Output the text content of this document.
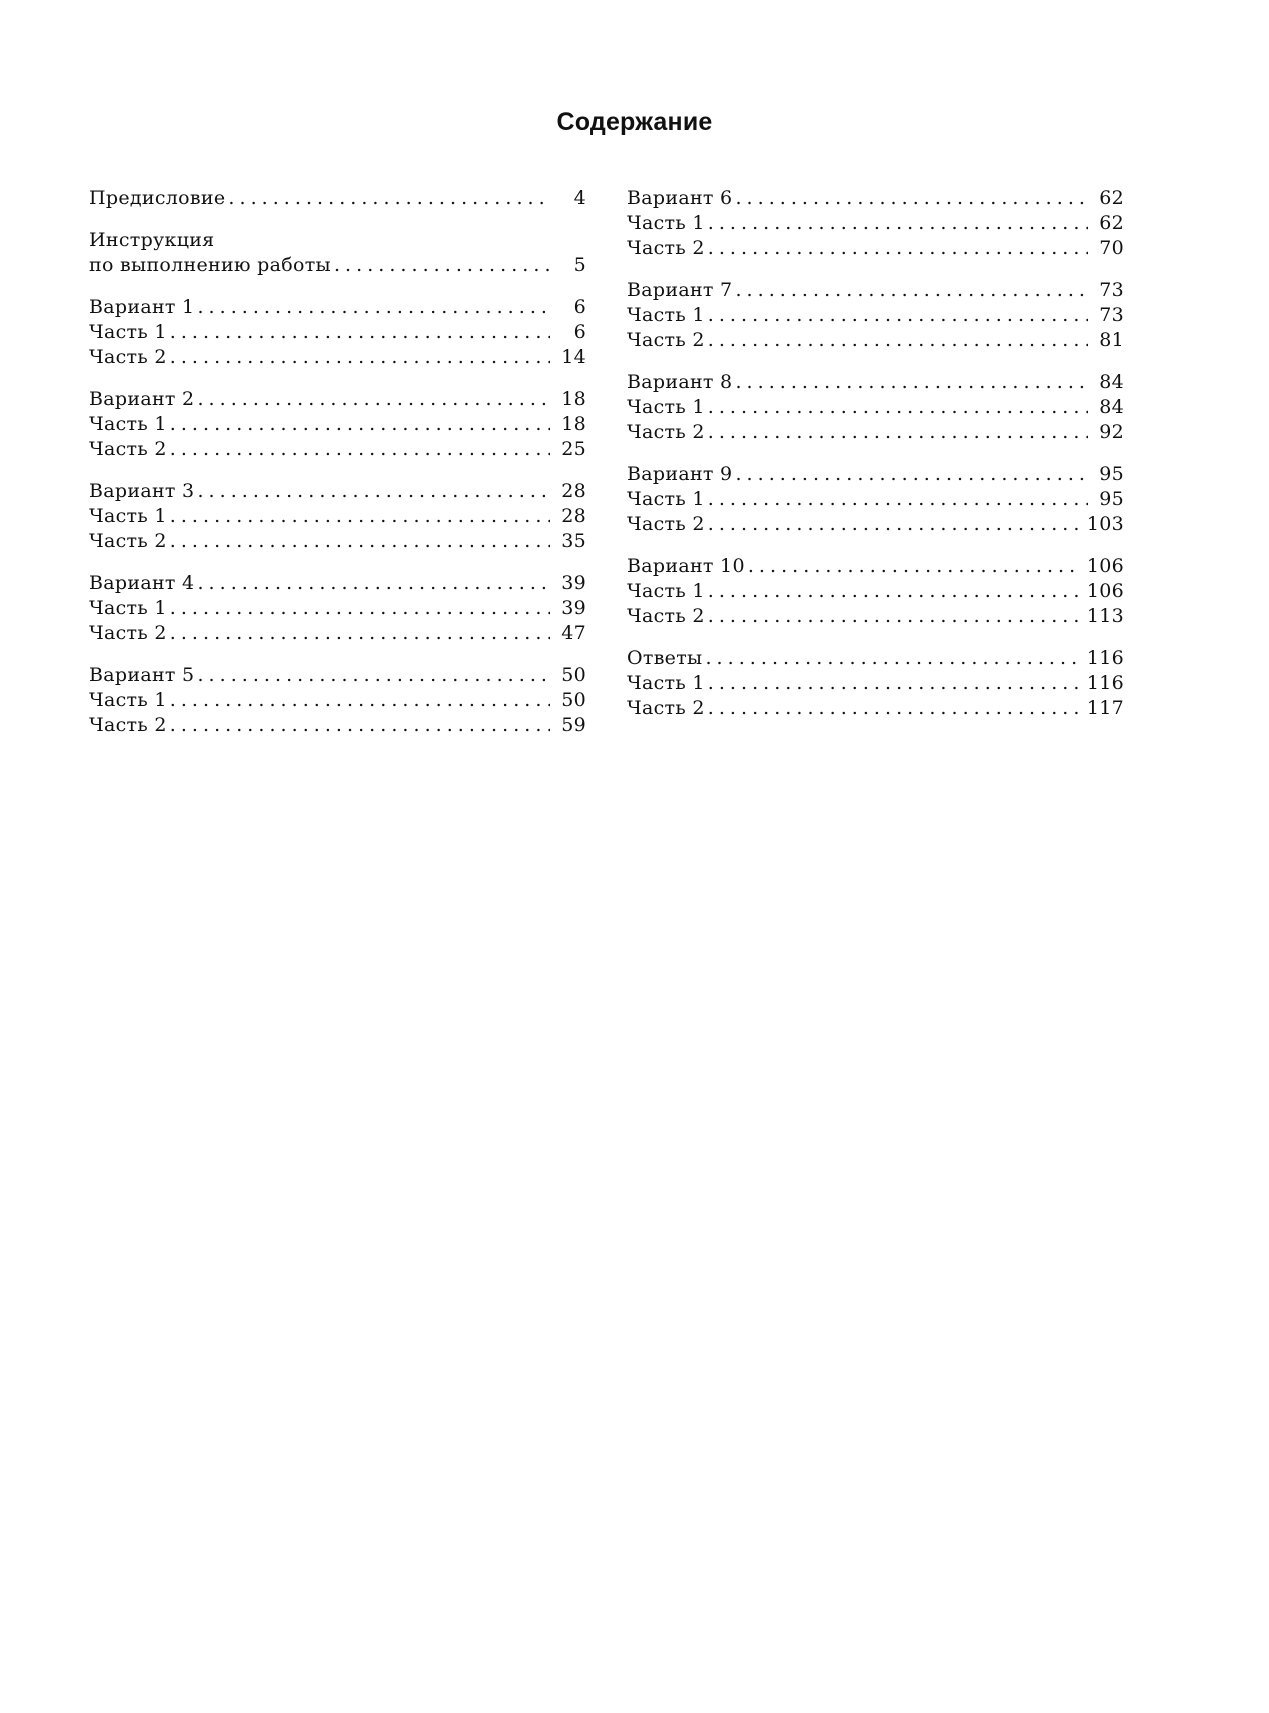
Содержание
Предисловие . . .	4
Инструкция
по выполнению работы . . .	5
Вариант 1 . . .	6
Часть 1 . . .	6
Часть 2 . . .	14
Вариант 2 . . .	18
Часть 1 . . .	18
Часть 2 . . .	25
Вариант 3 . . .	28
Часть 1 . . .	28
Часть 2 . . .	35
Вариант 4 . . .	39
Часть 1 . . .	39
Часть 2 . . .	47
Вариант 5 . . .	50
Часть 1 . . .	50
Часть 2 . . .	59
Вариант 6 . . .	62
Часть 1 . . .	62
Часть 2 . . .	70
Вариант 7 . . .	73
Часть 1 . . .	73
Часть 2 . . .	81
Вариант 8 . . .	84
Часть 1 . . .	84
Часть 2 . . .	92
Вариант 9 . . .	95
Часть 1 . . .	95
Часть 2 . . .	103
Вариант 10 . . .	106
Часть 1 . . .	106
Часть 2 . . .	113
Ответы . . .	116
Часть 1 . . .	116
Часть 2 . . .	117
